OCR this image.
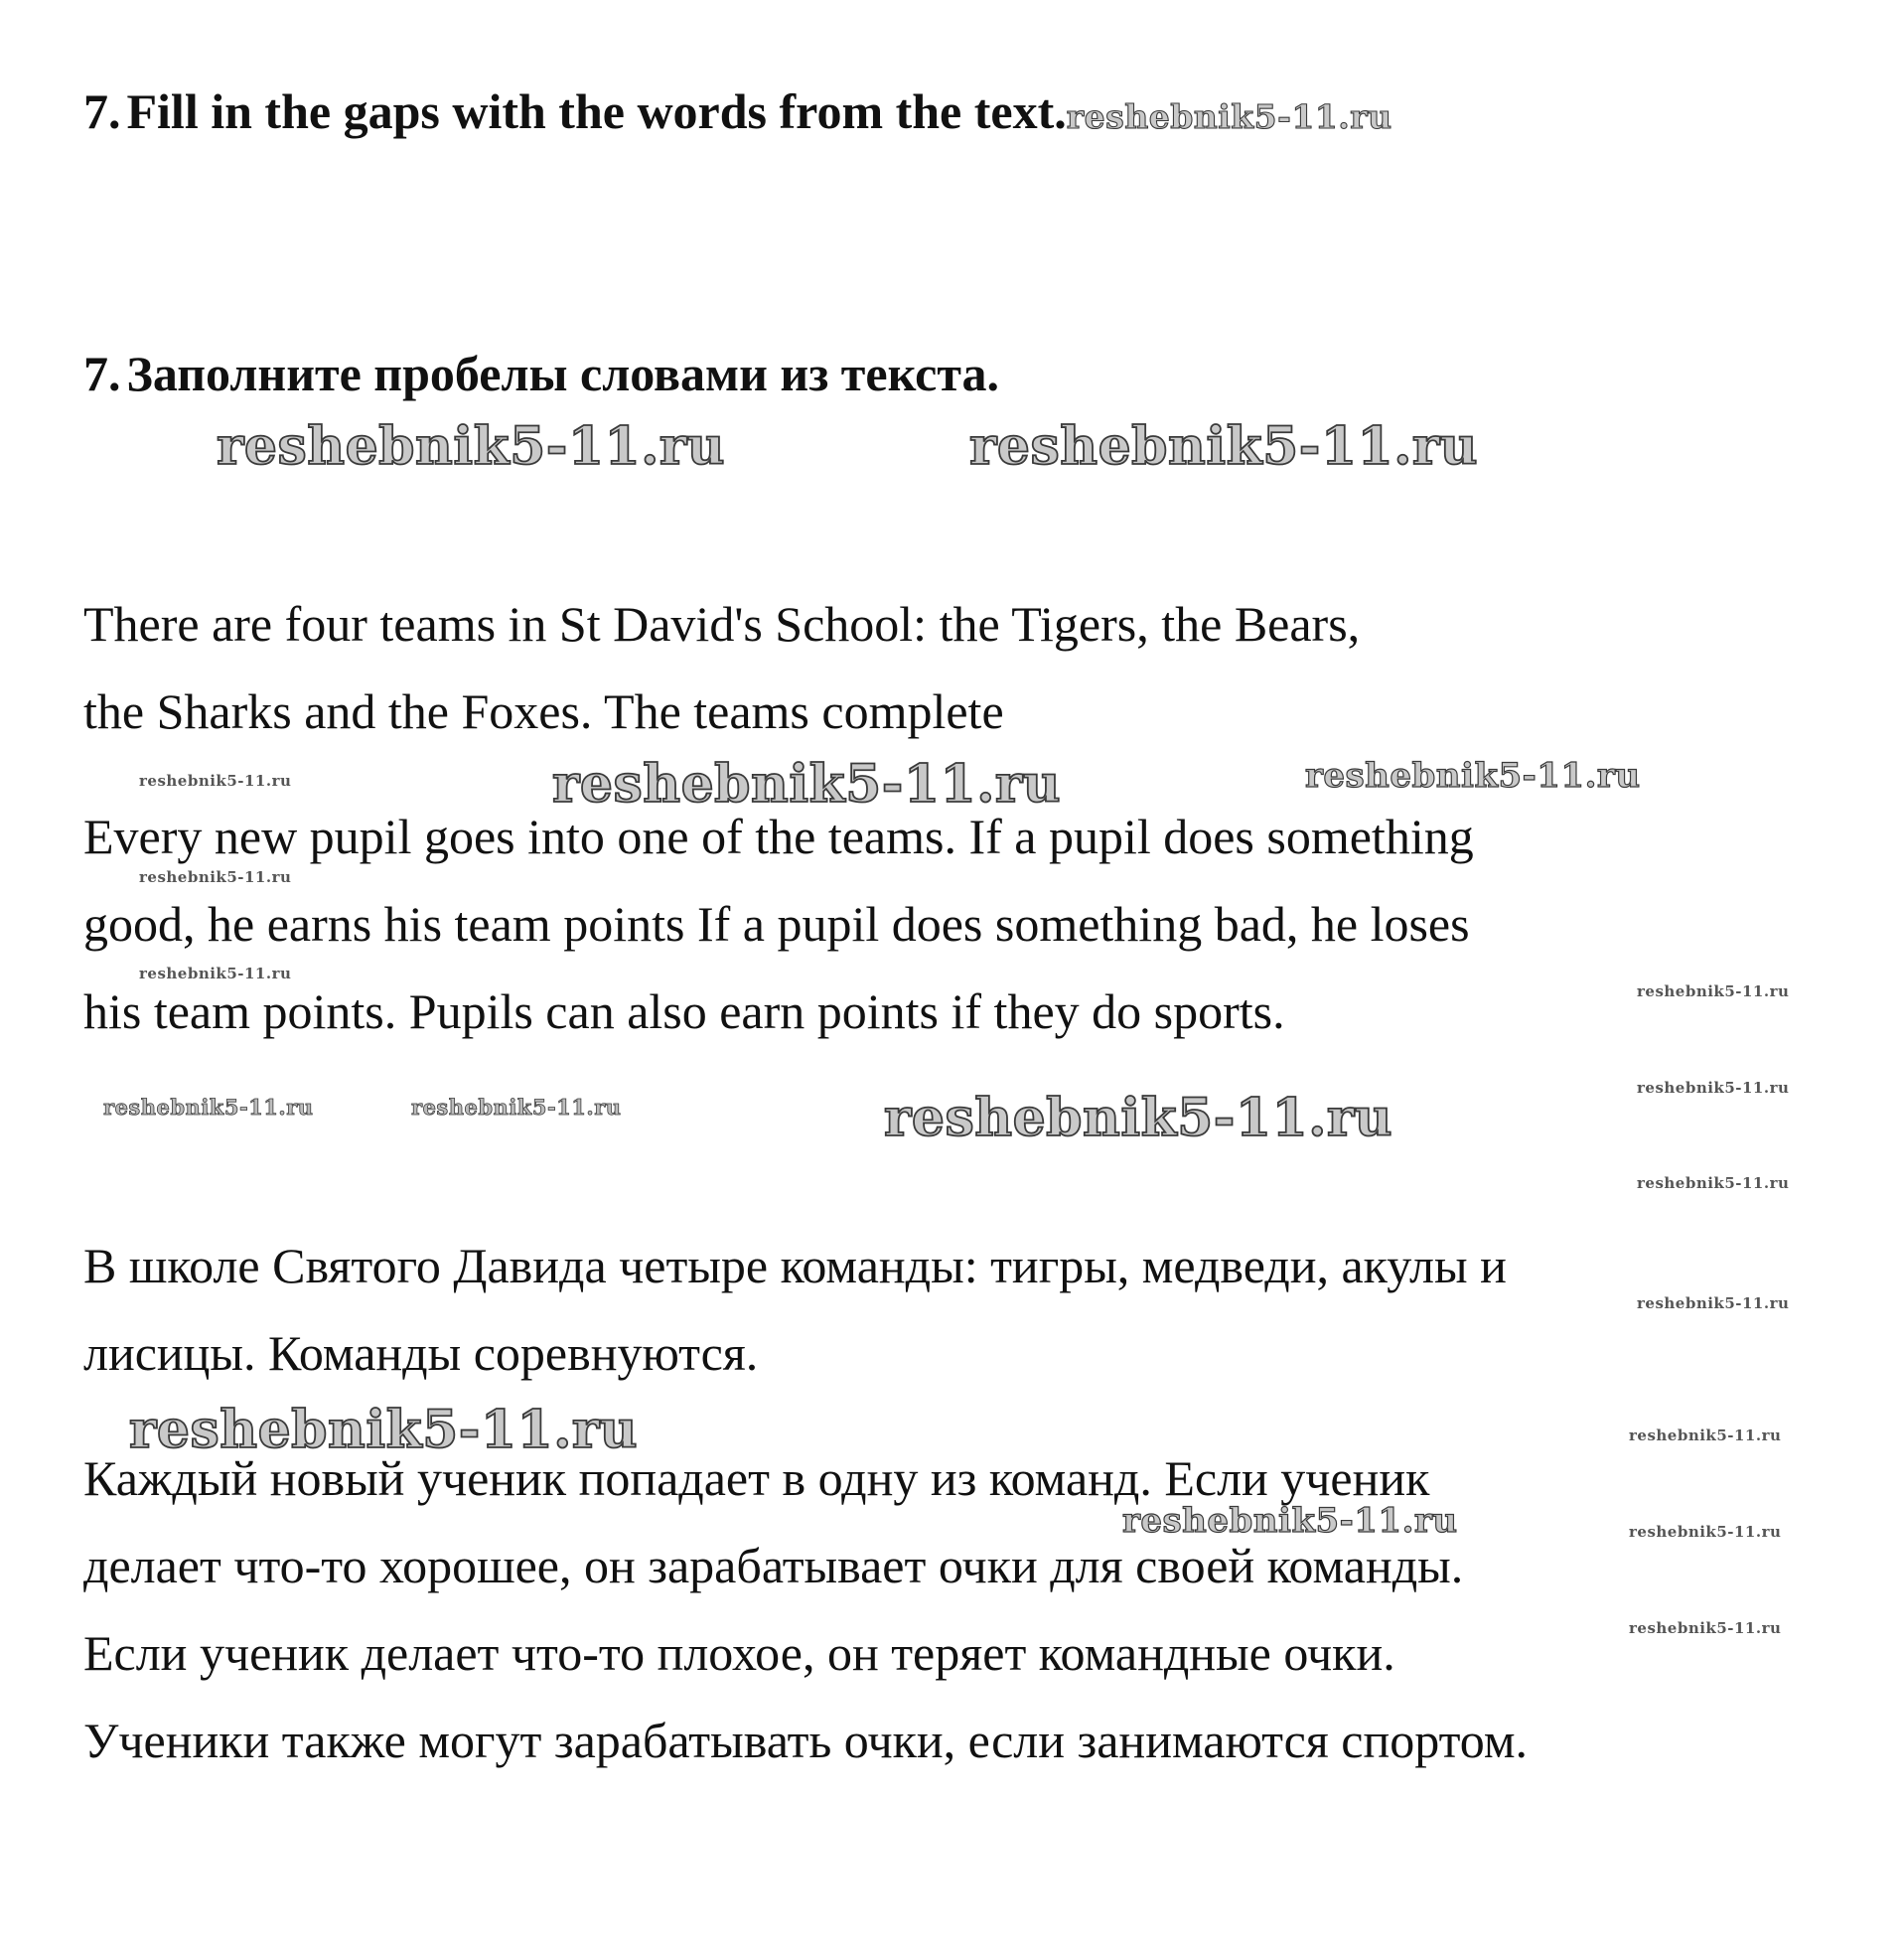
7. Fill in the gaps with the words from the text.reshebnik5-11.ru
7. Заполните пробелы словами из текста.
reshebnik5-11.ru	reshebnik5-11.ru

There are four teams in St David's School: the Tigers, the Bears,

the Sharks and the Foxes. The teams complete

reshebnik5-11.ru	reshebnik5-11.ru	reshebnik5-11.ru

Every new pupil goes into one of the teams. If a pupil does something

reshebnik5-11.ru

good, he earns his team points If a pupil does something bad, he loses

reshebnik5-11.ru

his team points. Pupils can also earn points if they do sports.	reshebnik5-11.ru
reshebnik5-11.ru	reshebnik5-11.ru	reshebnik5-11.ru	reshebnik5-11.ru
reshebnik5-11.ru

В школе Святого Давида четыре команды: тигры, медведи, акулы и

reshebnik5-11.ru

лисицы. Команды соревнуются.

reshebnik5-11.ru	reshebnik5-11.ru

Каждый новый ученик попадает в одну из команд. Если ученик

reshebnik5-11.ru	reshebnik5-11.ru

делает что-то хорошее, он зарабатывает очки для своей команды.

reshebnik5-11.ru

Если ученик делает что-то плохое, он теряет командные очки.

Ученики также могут зарабатывать очки, если занимаются спортом.
